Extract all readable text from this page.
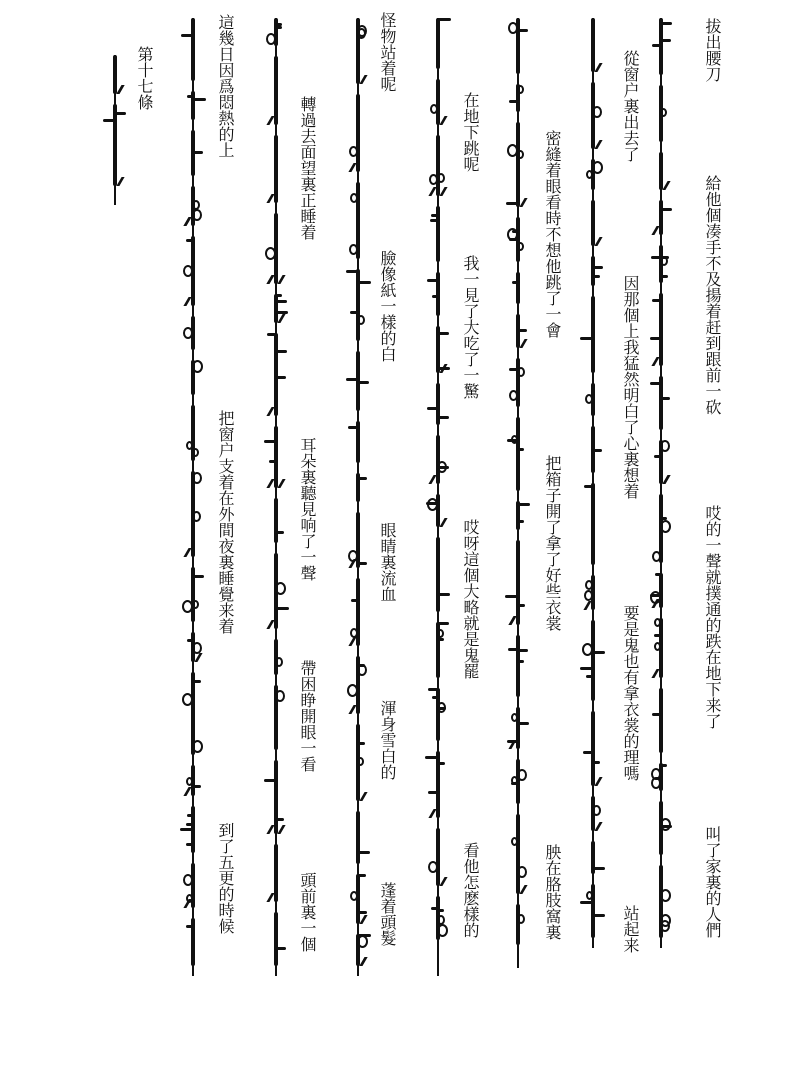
拔出腰刀
給他個凑手不及揚着赶到跟前一砍
哎的一聲就撲通的跌在地下来了
叫了家裏的人們
從窗户裏出去了
因那個上我猛然明白了心裏想着
要是鬼也有拿衣裳的理嗎
站起来
密縫着眼看時不想他跳了一會
把箱子開了拿了好些衣裳
胦在胳肢窩裏
在地下跳呢
我一見了大吃了一驚
哎呀這個大略就是鬼罷
看他怎麽樣的
怪物站着呢
臉像紙一樣的白
眼睛裏流血
渾身雪白的
蓬着頭髮
轉過去面望裏正睡着
耳朵裏聽見响了一聲
帶困睁開眼一看
頭前裏一個
這幾日因爲悶熱的上
把窗户支着在外間夜裏睡覺来着
到了五更的時候
第十七條
